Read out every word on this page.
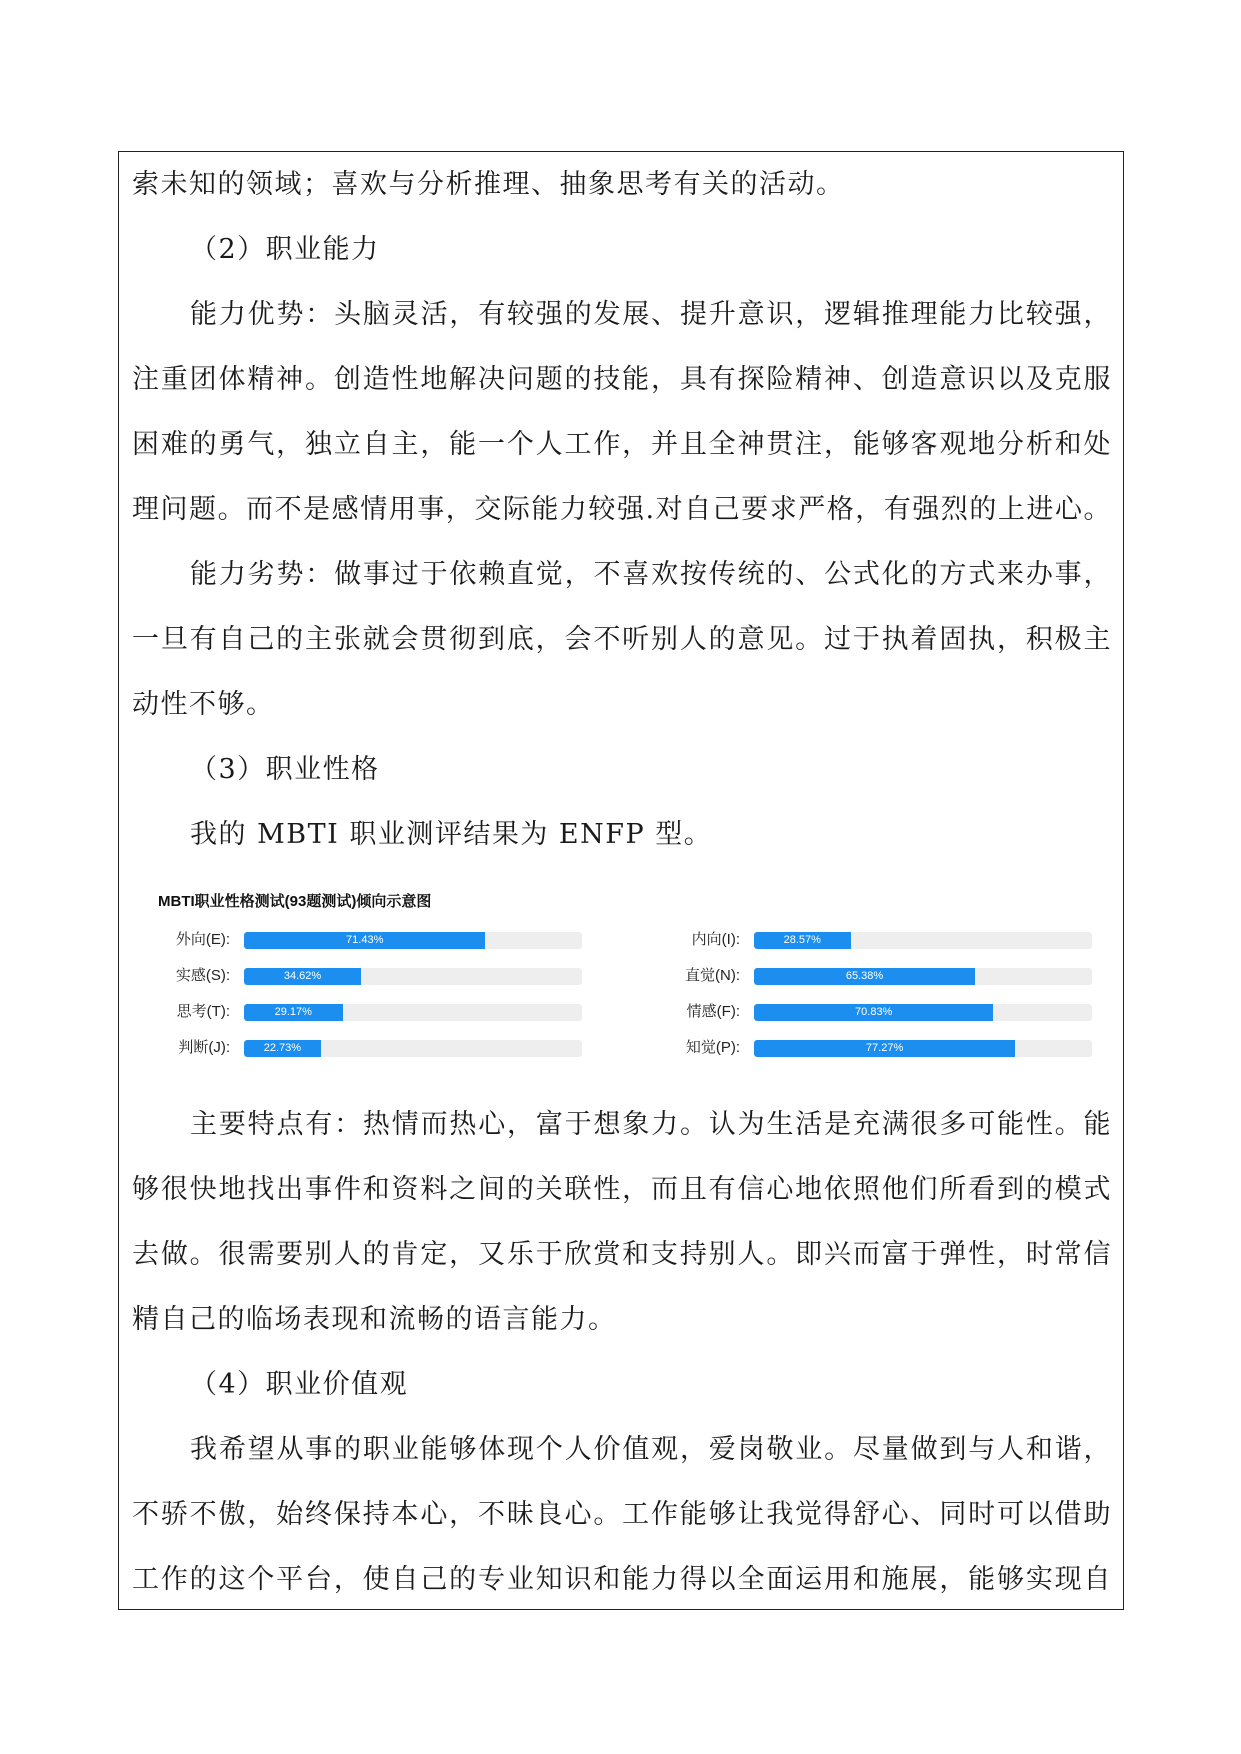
索未知的领域；喜欢与分析推理、抽象思考有关的活动。
（2）职业能力
能力优势：头脑灵活，有较强的发展、提升意识，逻辑推理能力比较强，
注重团体精神。创造性地解决问题的技能，具有探险精神、创造意识以及克服
困难的勇气，独立自主，能一个人工作，并且全神贯注，能够客观地分析和处
理问题。而不是感情用事，交际能力较强.对自己要求严格，有强烈的上进心。
能力劣势：做事过于依赖直觉，不喜欢按传统的、公式化的方式来办事，
一旦有自己的主张就会贯彻到底，会不听别人的意见。过于执着固执，积极主
动性不够。
（3）职业性格
我的 MBTI 职业测评结果为 ENFP 型。
MBTI职业性格测试(93题测试)倾向示意图
外向(E):	71.43%	内向(I):	28.57%
实感(S):	34.62%	直觉(N):	65.38%
思考(T):	29.17%	情感(F):	70.83%
判断(J):	22.73%	知觉(P):	77.27%
主要特点有：热情而热心，富于想象力。认为生活是充满很多可能性。能
够很快地找出事件和资料之间的关联性，而且有信心地依照他们所看到的模式
去做。很需要别人的肯定，又乐于欣赏和支持别人。即兴而富于弹性，时常信
精自己的临场表现和流畅的语言能力。
（4）职业价值观
我希望从事的职业能够体现个人价值观，爱岗敬业。尽量做到与人和谐，
不骄不傲，始终保持本心，不昧良心。工作能够让我觉得舒心、同时可以借助
工作的这个平台，使自己的专业知识和能力得以全面运用和施展，能够实现自
